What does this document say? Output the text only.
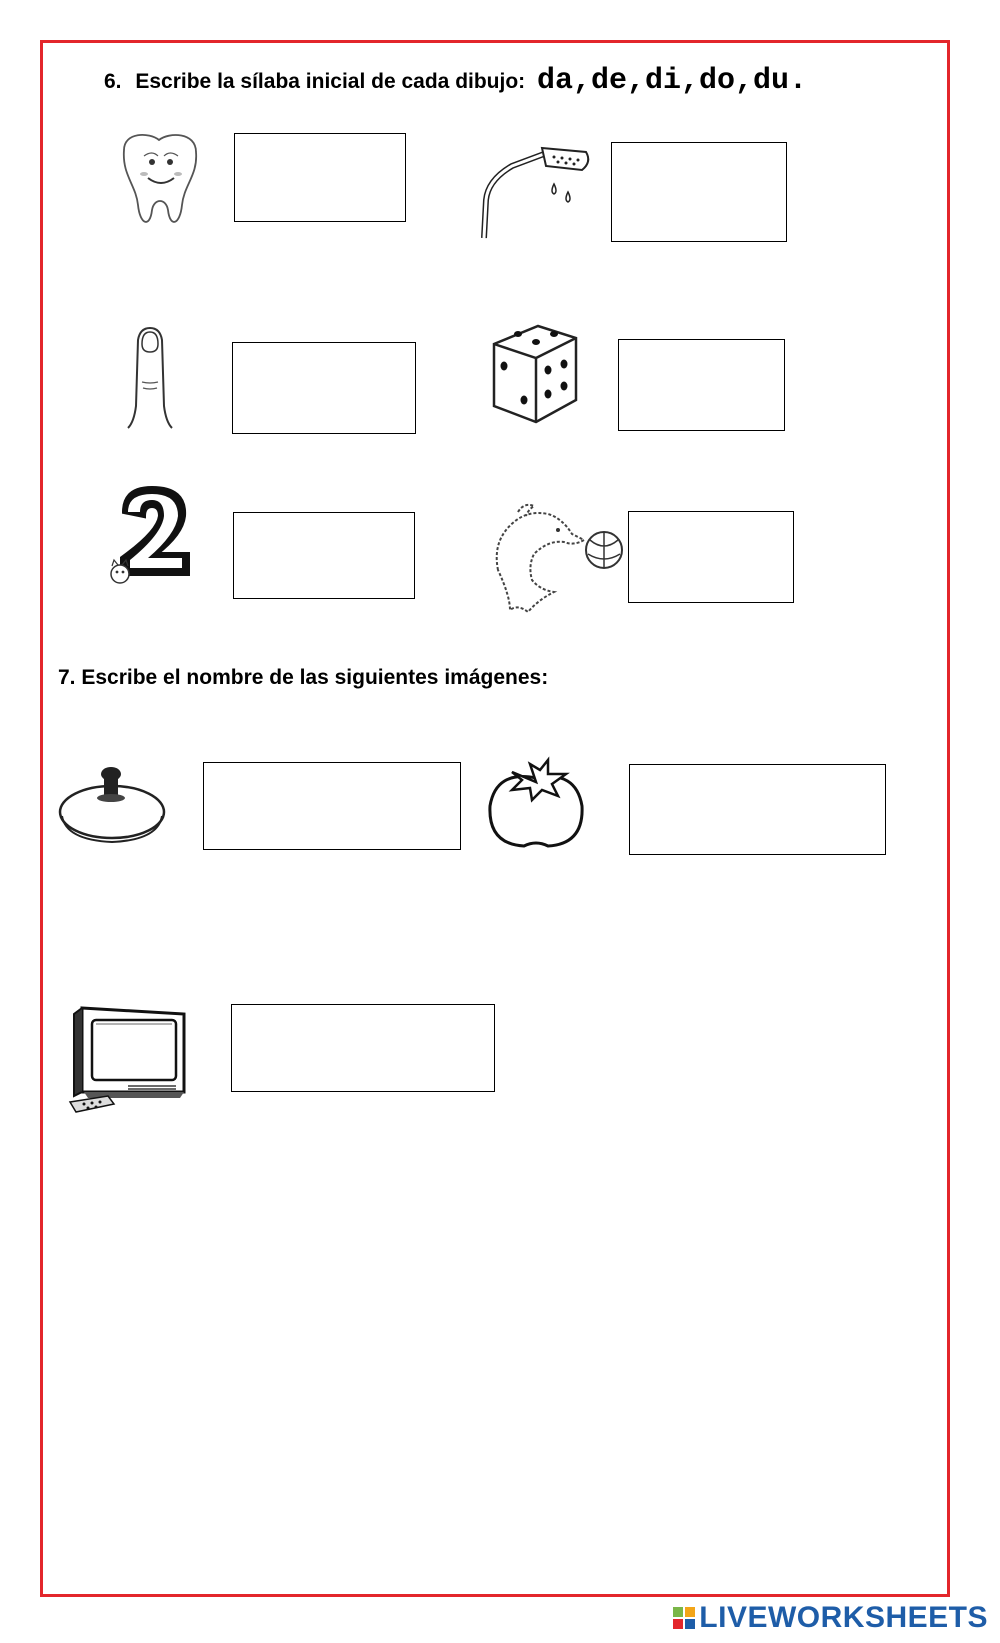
6. Escribe la sílaba inicial de cada dibujo: da,de,di,do,du.
7. Escribe el nombre de las siguientes imágenes:
LIVEWORKSHEETS
